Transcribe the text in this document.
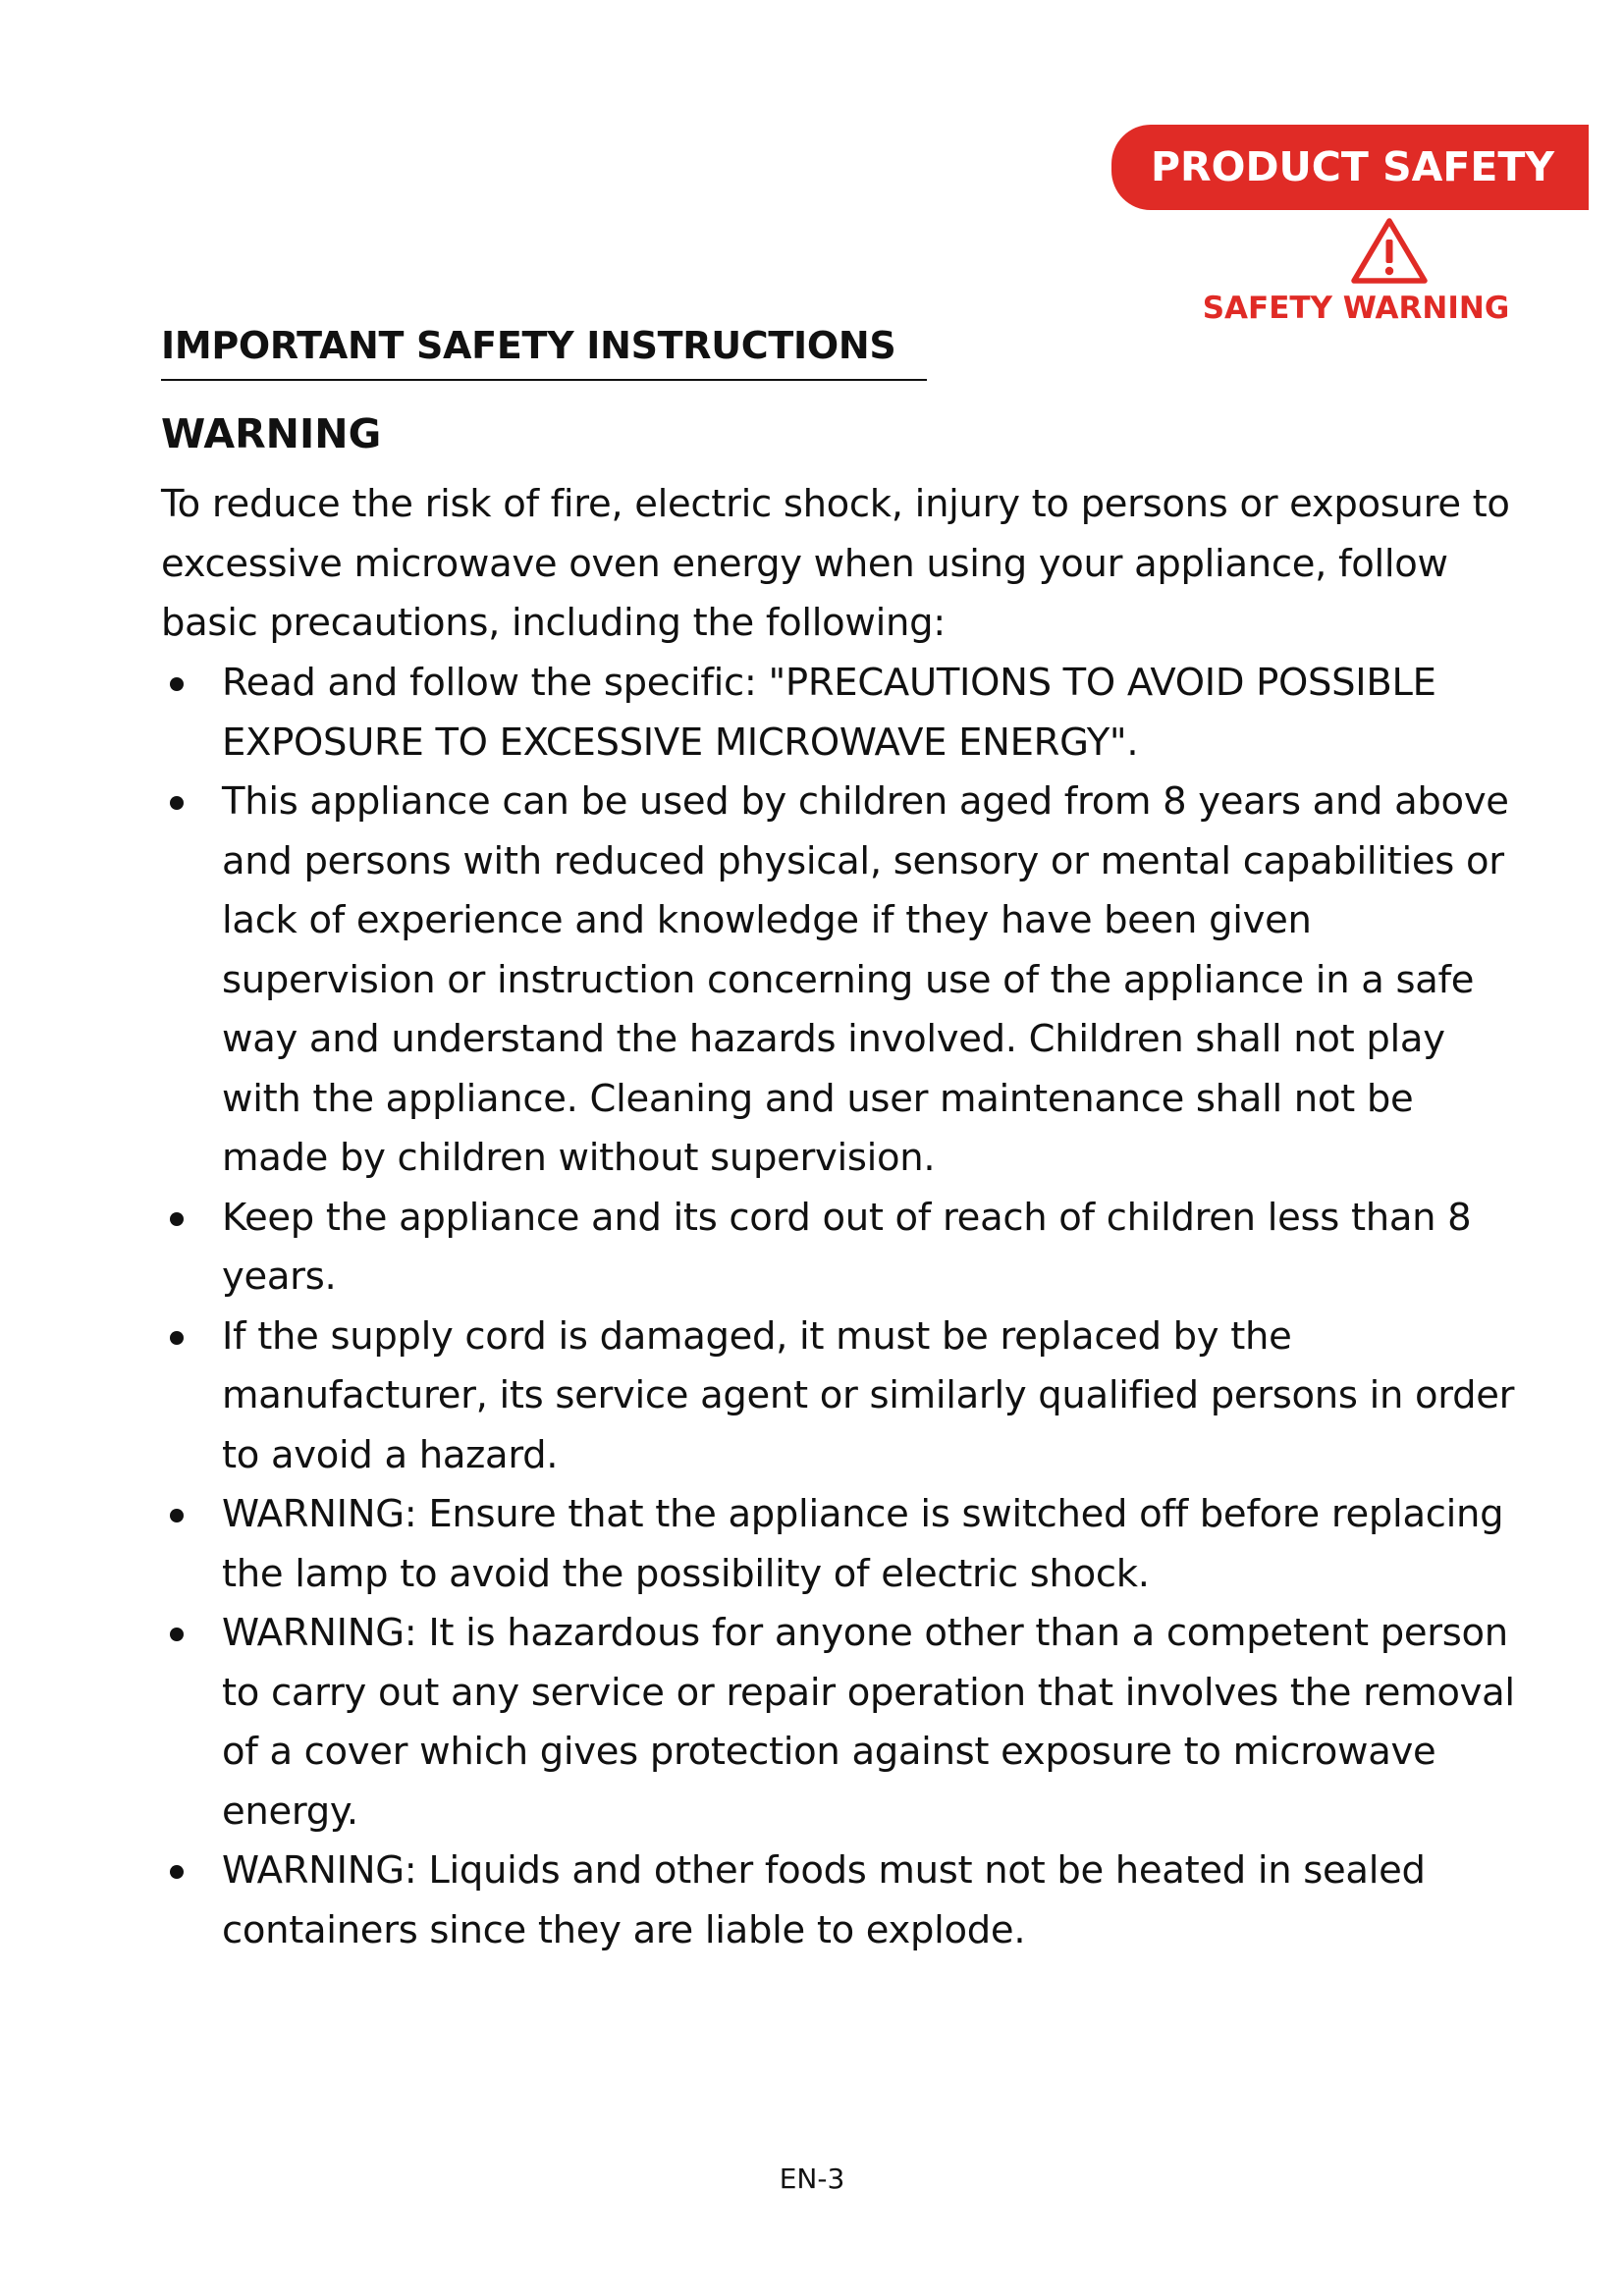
PRODUCT SAFETY
SAFETY WARNING
IMPORTANT SAFETY INSTRUCTIONS
WARNING

To reduce the risk of fire, electric shock, injury to persons or exposure to excessive microwave oven energy when using your appliance, follow basic precautions, including the following:

Read and follow the specific: "PRECAUTIONS TO AVOID POSSIBLE EXPOSURE TO EXCESSIVE MICROWAVE ENERGY".
This appliance can be used by children aged from 8 years and above and persons with reduced physical, sensory or mental capabilities or lack of experience and knowledge if they have been given supervision or instruction concerning use of the appliance in a safe way and understand the hazards involved. Children shall not play with the appliance. Cleaning and user maintenance shall not be made by children without supervision.
Keep the appliance and its cord out of reach of children less than 8 years.
If the supply cord is damaged, it must be replaced by the manufacturer, its service agent or similarly qualified persons in order to avoid a hazard.
WARNING: Ensure that the appliance is switched off before replacing the lamp to avoid the possibility of electric shock.
WARNING: It is hazardous for anyone other than a competent person to carry out any service or repair operation that involves the removal of a cover which gives protection against exposure to microwave energy.
WARNING: Liquids and other foods must not be heated in sealed containers since they are liable to explode.
EN-3
